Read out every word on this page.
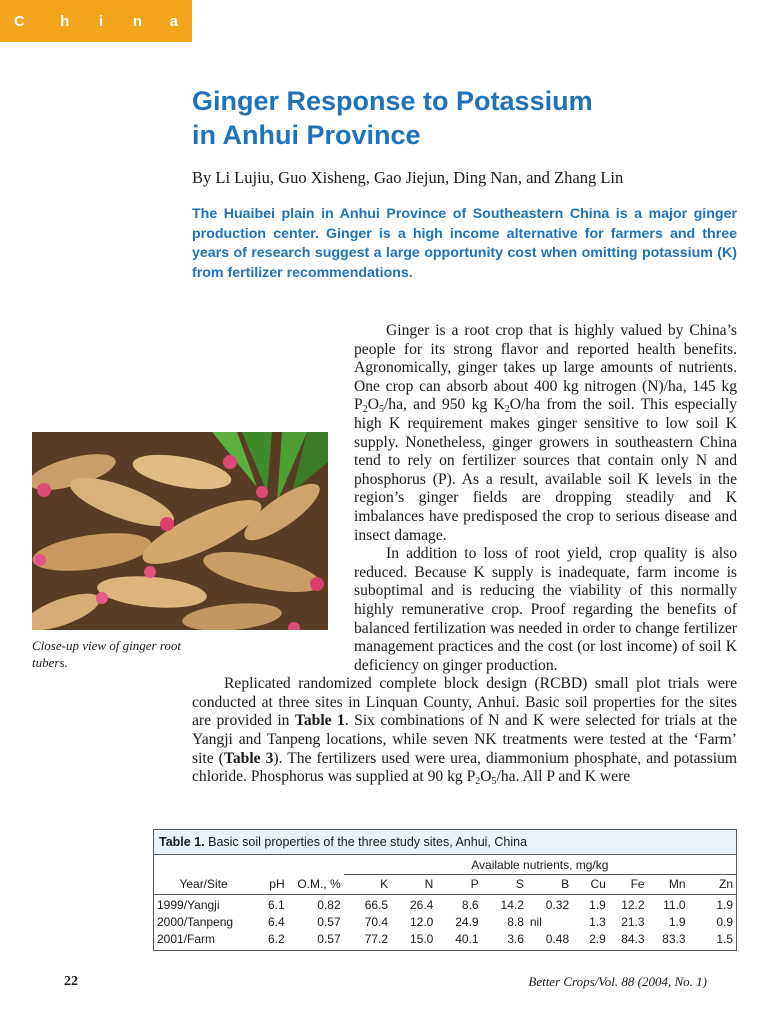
C	h	i	n	a
Ginger Response to Potassium
in Anhui Province
By Li Lujiu, Guo Xisheng, Gao Jiejun, Ding Nan, and Zhang Lin

The Huaibei plain in Anhui Province of Southeastern China is a major ginger production center. Ginger is a high income alternative for farmers and three years of research suggest a large opportunity cost when omitting potassium (K) from fertilizer recommendations.

Close-up view of ginger root tubers.

Ginger is a root crop that is highly valued by China’s people for its strong flavor and reported health benefits. Agronomically, ginger takes up large amounts of nutrients. One crop can absorb about 400 kg nitrogen (N)/ha, 145 kg $P_2O_5/ha$, and 950 kg $K_2O/ha$ from the soil. This especially high K requirement makes ginger sensitive to low soil K supply. Nonetheless, ginger growers in southeastern China tend to rely on fertilizer sources that contain only N and phosphorus (P). As a result, available soil K levels in the region’s ginger fields are dropping steadily and K imbalances have predisposed the crop to serious disease and insect damage.

In addition to loss of root yield, crop quality is also reduced. Because K supply is inadequate, farm income is suboptimal and is reducing the viability of this normally highly remunerative crop. Proof regarding the benefits of balanced fertilization was needed in order to change fertilizer management practices and the cost (or lost income) of soil K deficiency on ginger production.

Replicated randomized complete block design (RCBD) small plot trials were conducted at three sites in Linquan County, Anhui. Basic soil properties for the sites are provided in Table 1. Six combinations of N and K were selected for trials at the Yangji and Tanpeng locations, while seven NK treatments were tested at the ‘Farm’ site (Table 3). The fertilizers used were urea, diammonium phosphate, and potassium chloride. Phosphorus was supplied at 90 kg $P_2O_5/ha$. All P and K were

Table 1. Basic soil properties of the three study sites, Anhui, China
			Available nutrients, mg/kg								
Year/Site	pH	O.M., %	K	N	P	S	B	Cu	Fe	Mn	Zn
1999/Yangji	6.1	0.82	66.5	26.4	8.6	14.2	0.32	1.9	12.2	11.0	1.9
2000/Tanpeng	6.4	0.57	70.4	12.0	24.9	8.8	nil	1.3	21.3	1.9	0.9
2001/Farm	6.2	0.57	77.2	15.0	40.1	3.6	0.48	2.9	84.3	83.3	1.5
22	Better Crops/Vol. 88 (2004, No. 1)
